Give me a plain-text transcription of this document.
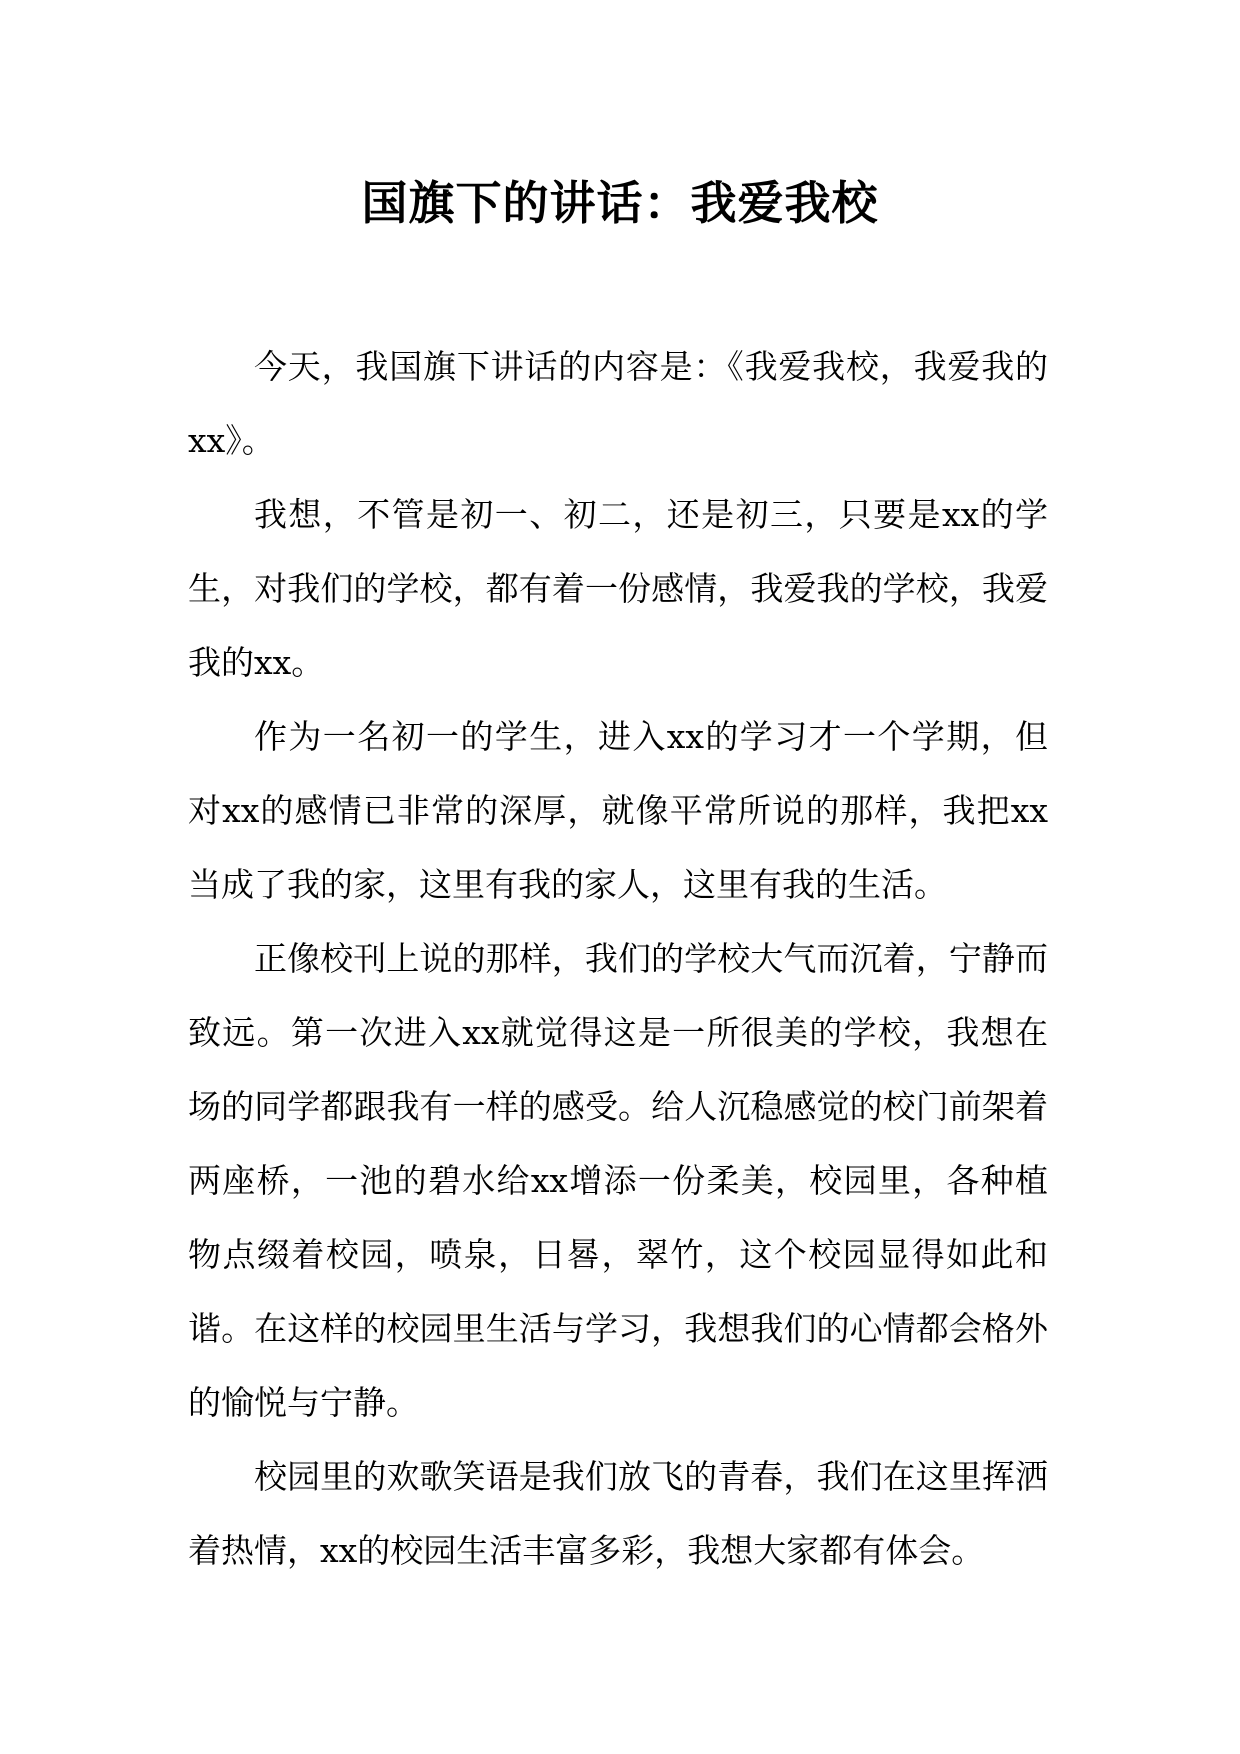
国旗下的讲话：我爱我校

今天，我国旗下讲话的内容是：《我爱我校，我爱我的xx》。

我想，不管是初一、初二，还是初三，只要是xx的学生，对我们的学校，都有着一份感情，我爱我的学校，我爱我的xx。

作为一名初一的学生，进入xx的学习才一个学期，但对xx的感情已非常的深厚，就像平常所说的那样，我把xx当成了我的家，这里有我的家人，这里有我的生活。

正像校刊上说的那样，我们的学校大气而沉着，宁静而致远。第一次进入xx就觉得这是一所很美的学校，我想在场的同学都跟我有一样的感受。给人沉稳感觉的校门前架着两座桥，一池的碧水给xx增添一份柔美，校园里，各种植物点缀着校园，喷泉，日晷，翠竹，这个校园显得如此和谐。在这样的校园里生活与学习，我想我们的心情都会格外的愉悦与宁静。

校园里的欢歌笑语是我们放飞的青春，我们在这里挥洒着热情，xx的校园生活丰富多彩，我想大家都有体会。
